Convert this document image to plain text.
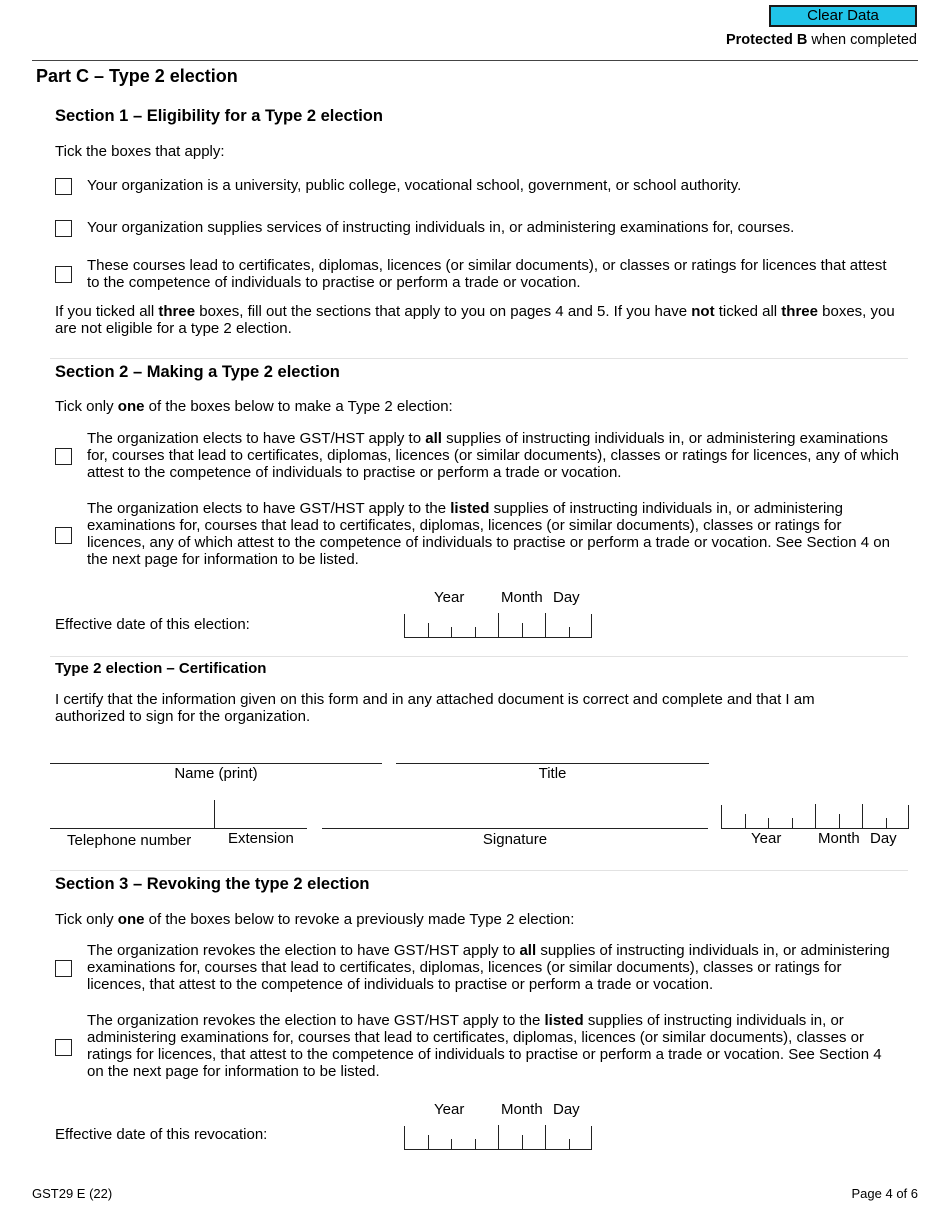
Clear Data
Protected B when completed
Part C – Type 2 election
Section 1 – Eligibility for a Type 2 election
Tick the boxes that apply:
Your organization is a university, public college, vocational school, government, or school authority.
Your organization supplies services of instructing individuals in, or administering examinations for, courses.
These courses lead to certificates, diplomas, licences (or similar documents), or classes or ratings for licences that attest to the competence of individuals to practise or perform a trade or vocation.
If you ticked all three boxes, fill out the sections that apply to you on pages 4 and 5. If you have not ticked all three boxes, you are not eligible for a type 2 election.
Section 2 – Making a Type 2 election
Tick only one of the boxes below to make a Type 2 election:
The organization elects to have GST/HST apply to all supplies of instructing individuals in, or administering examinations for, courses that lead to certificates, diplomas, licences (or similar documents), classes or ratings for licences, any of which attest to the competence of individuals to practise or perform a trade or vocation.
The organization elects to have GST/HST apply to the listed supplies of instructing individuals in, or administering examinations for, courses that lead to certificates, diplomas, licences (or similar documents), classes or ratings for licences, any of which attest to the competence of individuals to practise or perform a trade or vocation. See Section 4 on the next page for information to be listed.
Year Month Day
Effective date of this election:
Type 2 election – Certification
I certify that the information given on this form and in any attached document is correct and complete and that I am authorized to sign for the organization.
Name (print)	Title
Telephone number Extension	Signature	Year Month Day
Section 3 – Revoking the type 2 election
Tick only one of the boxes below to revoke a previously made Type 2 election:
The organization revokes the election to have GST/HST apply to all supplies of instructing individuals in, or administering examinations for, courses that lead to certificates, diplomas, licences (or similar documents), classes or ratings for licences, that attest to the competence of individuals to practise or perform a trade or vocation.
The organization revokes the election to have GST/HST apply to the listed supplies of instructing individuals in, or administering examinations for, courses that lead to certificates, diplomas, licences (or similar documents), classes or ratings for licences, that attest to the competence of individuals to practise or perform a trade or vocation. See Section 4 on the next page for information to be listed.
Year Month Day
Effective date of this revocation:
GST29 E (22)	Page 4 of 6
